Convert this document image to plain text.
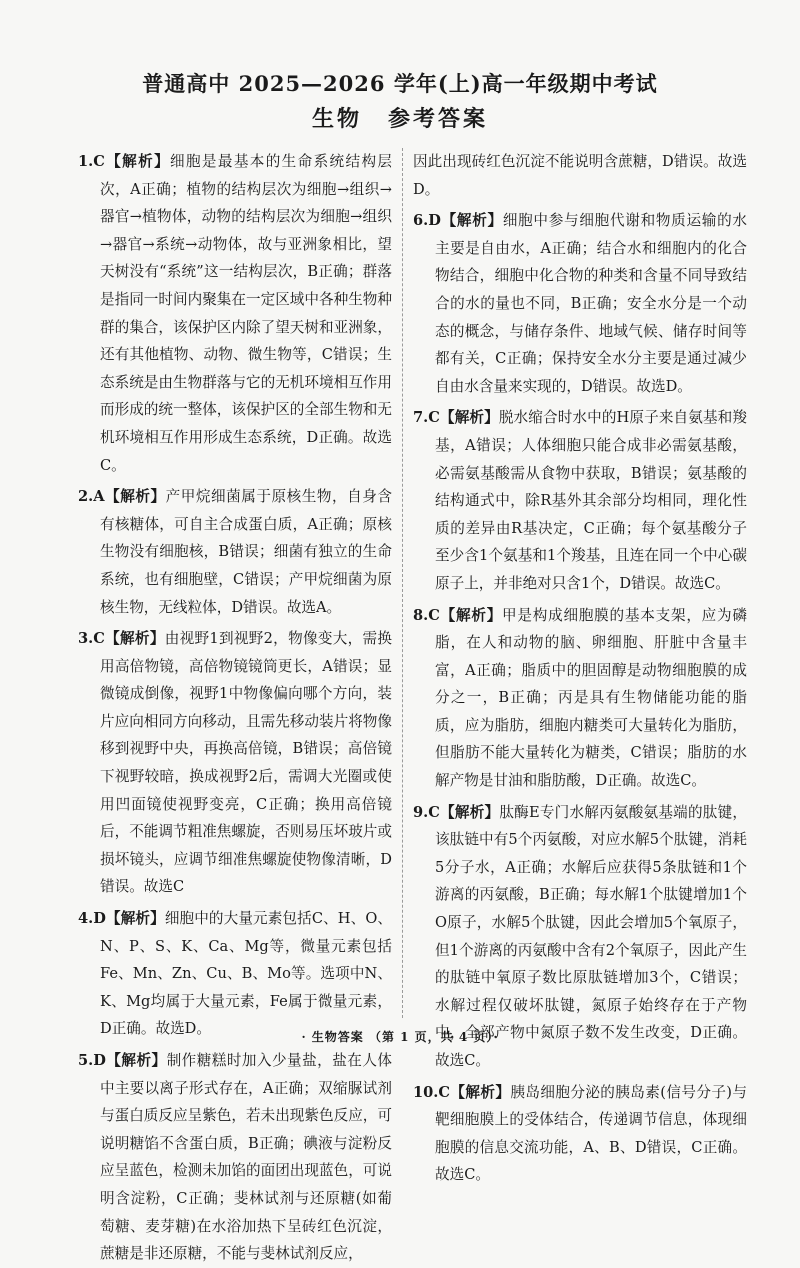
普通高中 2025—2026 学年(上)高一年级期中考试
生物 参考答案

1.C【解析】细胞是最基本的生命系统结构层次，A正确；植物的结构层次为细胞→组织→器官→植物体，动物的结构层次为细胞→组织→器官→系统→动物体，故与亚洲象相比，望天树没有“系统”这一结构层次，B正确；群落是指同一时间内聚集在一定区域中各种生物种群的集合，该保护区内除了望天树和亚洲象，还有其他植物、动物、微生物等，C错误；生态系统是由生物群落与它的无机环境相互作用而形成的统一整体，该保护区的全部生物和无机环境相互作用形成生态系统，D正确。故选C。

2.A【解析】产甲烷细菌属于原核生物，自身含有核糖体，可自主合成蛋白质，A正确；原核生物没有细胞核，B错误；细菌有独立的生命系统，也有细胞壁，C错误；产甲烷细菌为原核生物，无线粒体，D错误。故选A。

3.C【解析】由视野1到视野2，物像变大，需换用高倍物镜，高倍物镜镜筒更长，A错误；显微镜成倒像，视野1中物像偏向哪个方向，装片应向相同方向移动，且需先移动装片将物像移到视野中央，再换高倍镜，B错误；高倍镜下视野较暗，换成视野2后，需调大光圈或使用凹面镜使视野变亮，C正确；换用高倍镜后，不能调节粗准焦螺旋，否则易压坏玻片或损坏镜头，应调节细准焦螺旋使物像清晰，D错误。故选C

4.D【解析】细胞中的大量元素包括C、H、O、N、P、S、K、Ca、Mg等，微量元素包括Fe、Mn、Zn、Cu、B、Mo等。选项中N、K、Mg均属于大量元素，Fe属于微量元素，D正确。故选D。

5.D【解析】制作糖糕时加入少量盐，盐在人体中主要以离子形式存在，A正确；双缩脲试剂与蛋白质反应呈紫色，若未出现紫色反应，可说明糖馅不含蛋白质，B正确；碘液与淀粉反应呈蓝色，检测未加馅的面团出现蓝色，可说明含淀粉，C正确；斐林试剂与还原糖(如葡萄糖、麦芽糖)在水浴加热下呈砖红色沉淀，蔗糖是非还原糖，不能与斐林试剂反应，

因此出现砖红色沉淀不能说明含蔗糖，D错误。故选D。

6.D【解析】细胞中参与细胞代谢和物质运输的水主要是自由水，A正确；结合水和细胞内的化合物结合，细胞中化合物的种类和含量不同导致结合的水的量也不同，B正确；安全水分是一个动态的概念，与储存条件、地域气候、储存时间等都有关，C正确；保持安全水分主要是通过减少自由水含量来实现的，D错误。故选D。

7.C【解析】脱水缩合时水中的H原子来自氨基和羧基，A错误；人体细胞只能合成非必需氨基酸，必需氨基酸需从食物中获取，B错误；氨基酸的结构通式中，除R基外其余部分均相同，理化性质的差异由R基决定，C正确；每个氨基酸分子至少含1个氨基和1个羧基，且连在同一个中心碳原子上，并非绝对只含1个，D错误。故选C。

8.C【解析】甲是构成细胞膜的基本支架，应为磷脂，在人和动物的脑、卵细胞、肝脏中含量丰富，A正确；脂质中的胆固醇是动物细胞膜的成分之一，B正确；丙是具有生物储能功能的脂质，应为脂肪，细胞内糖类可大量转化为脂肪，但脂肪不能大量转化为糖类，C错误；脂肪的水解产物是甘油和脂肪酸，D正确。故选C。

9.C【解析】肽酶E专门水解丙氨酸氨基端的肽键，该肽链中有5个丙氨酸，对应水解5个肽键，消耗5分子水，A正确；水解后应获得5条肽链和1个游离的丙氨酸，B正确；每水解1个肽键增加1个O原子，水解5个肽键，因此会增加5个氧原子，但1个游离的丙氨酸中含有2个氧原子，因此产生的肽链中氧原子数比原肽链增加3个，C错误；水解过程仅破坏肽键，氮原子始终存在于产物中，全部产物中氮原子数不发生改变，D正确。故选C。

10.C【解析】胰岛细胞分泌的胰岛素(信号分子)与靶细胞膜上的受体结合，传递调节信息，体现细胞膜的信息交流功能，A、B、D错误，C正确。故选C。

· 生物答案 （第 1 页，共 4 页）·
